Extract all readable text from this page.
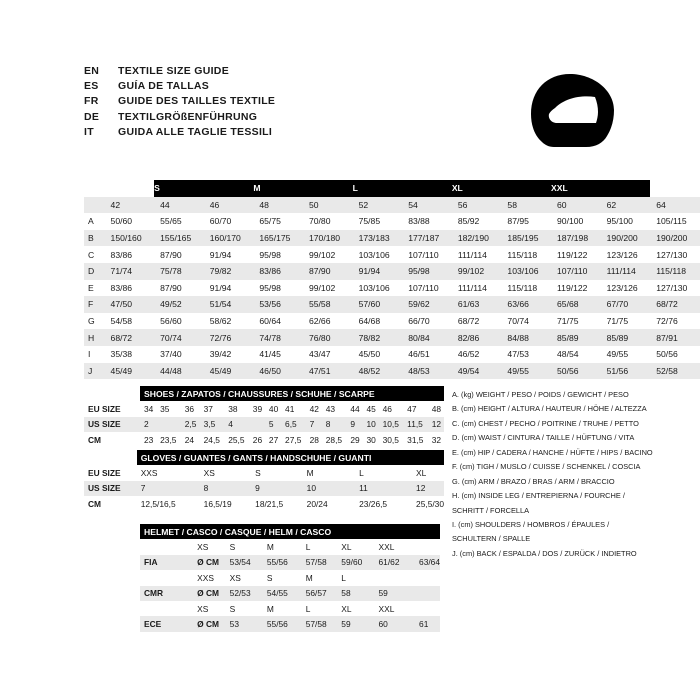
EN	TEXTILE SIZE GUIDE
ES	GUÍA DE TALLAS
FR	GUIDE DES TAILLES TEXTILE
DE	TEXTILGRÖßENFÜHRUNG
IT	GUIDA ALLE TAGLIE TESSILI
		S		M		L		XL		XXL		
	42	44	46	48	50	52	54	56	58	60	62	64
A	50/60	55/65	60/70	65/75	70/80	75/85	83/88	85/92	87/95	90/100	95/100	105/115
B	150/160	155/165	160/170	165/175	170/180	173/183	177/187	182/190	185/195	187/198	190/200	190/200
C	83/86	87/90	91/94	95/98	99/102	103/106	107/110	111/114	115/118	119/122	123/126	127/130
D	71/74	75/78	79/82	83/86	87/90	91/94	95/98	99/102	103/106	107/110	111/114	115/118
E	83/86	87/90	91/94	95/98	99/102	103/106	107/110	111/114	115/118	119/122	123/126	127/130
F	47/50	49/52	51/54	53/56	55/58	57/60	59/62	61/63	63/66	65/68	67/70	68/72
G	54/58	56/60	58/62	60/64	62/66	64/68	66/70	68/72	70/74	71/75	71/75	72/76
H	68/72	70/74	72/76	74/78	76/80	78/82	80/84	82/86	84/88	85/89	85/89	87/91
I	35/38	37/40	39/42	41/45	43/47	45/50	46/51	46/52	47/53	48/54	49/55	50/56
J	45/49	44/48	45/49	46/50	47/51	48/52	48/53	49/54	49/55	50/56	51/56	52/58
	SHOES / ZAPATOS / CHAUSSURES / SCHUHE / SCARPE														
EU SIZE	34	35	36	37	38	39	40	41	42	43	44	45	46	47	48
US SIZE	2		2,5	3,5	4		5	6,5	7	8	9	10	10,5	11,5	12
CM	23	23,5	24	24,5	25,5	26	27	27,5	28	28,5	29	30	30,5	31,5	32
	GLOVES / GUANTES / GANTS / HANDSCHUHE / GUANTI					
EU SIZE	XXS	XS	S	M	L	XL
US SIZE	7	8	9	10	11	12
CM	12,5/16,5	16,5/19	18/21,5	20/24	23/26,5	25,5/30
HELMET / CASCO / CASQUE / HELM / CASCO							
	XS	S	M	L	XL	XXL	
FIA	Ø CM	53/54	55/56	57/58	59/60	61/62	63/64
	XXS	XS	S	M	L		
CMR	Ø CM	52/53	54/55	56/57	58	59	
	XS	S	M	L	XL	XXL	
ECE	Ø CM	53	55/56	57/58	59	60	61
A. (kg) WEIGHT / PESO / POIDS / GEWICHT / PESO
B. (cm) HEIGHT / ALTURA / HAUTEUR / HÖHE / ALTEZZA
C. (cm) CHEST / PECHO / POITRINE / TRUHE / PETTO
D. (cm) WAIST / CINTURA / TAILLE / HÜFTUNG / VITA
E. (cm) HIP / CADERA / HANCHE / HÜFTE / HIPS / BACINO
F. (cm) TIGH / MUSLO / CUISSE / SCHENKEL / COSCIA
G. (cm) ARM / BRAZO / BRAS / ARM / BRACCIO
H. (cm) INSIDE LEG / ENTREPIERNA / FOURCHE /
SCHRITT / FORCELLA
I. (cm) SHOULDERS / HOMBROS / ÉPAULES /
SCHULTERN / SPALLE
J. (cm) BACK / ESPALDA / DOS / ZURÜCK / INDIETRO
